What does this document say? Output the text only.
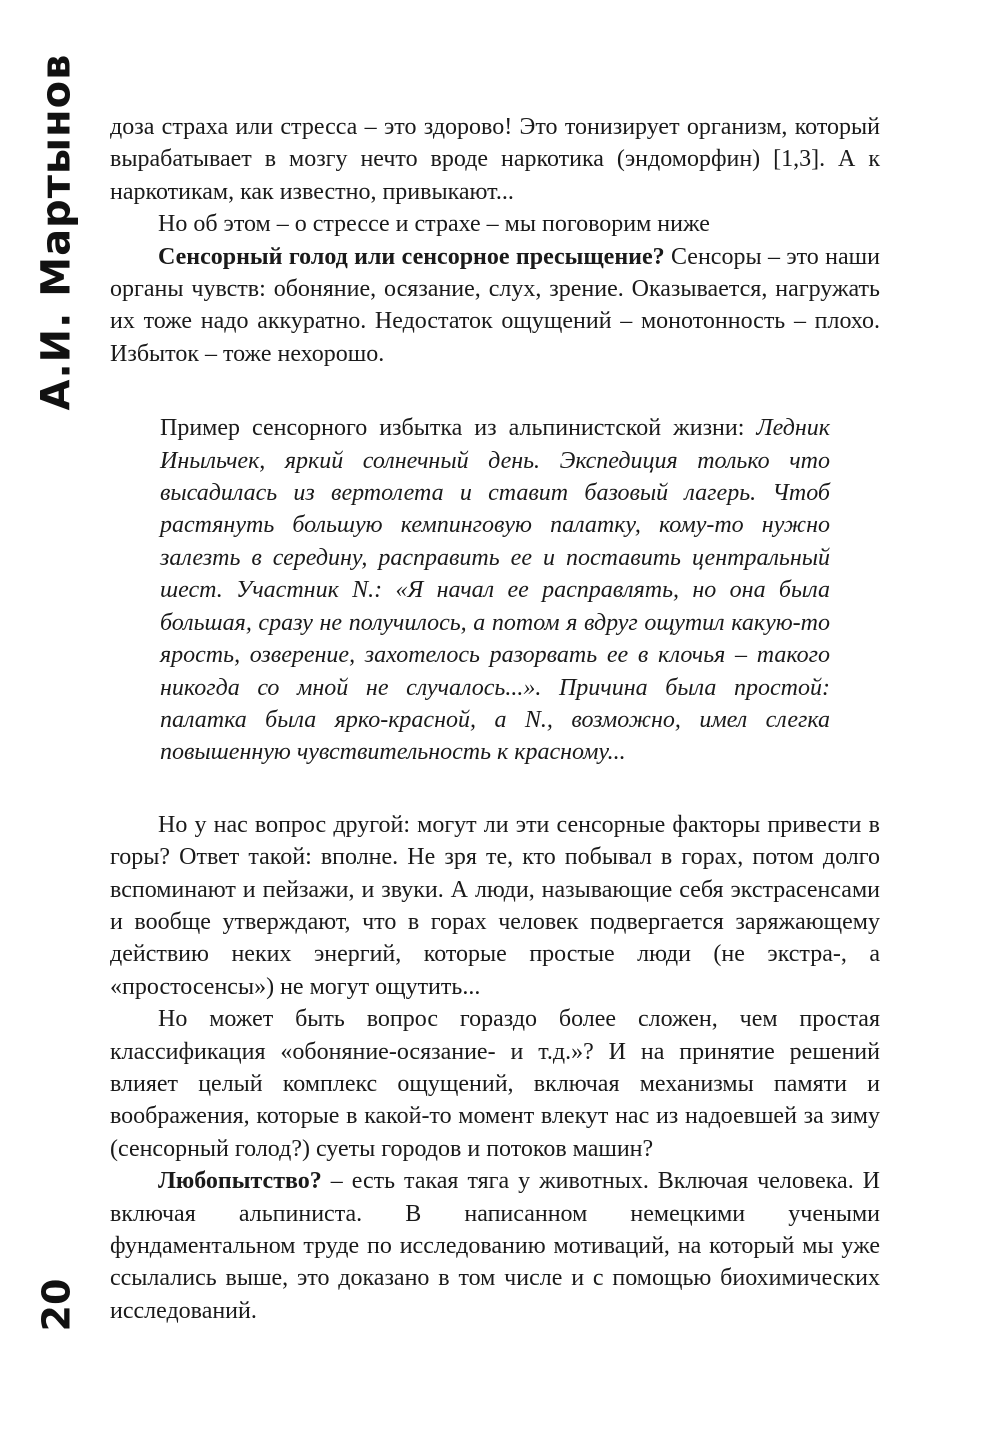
А.И. Мартынов
20

доза страха или стресса – это здорово! Это тонизирует организм, который вырабатывает в мозгу нечто вроде наркотика (эндоморфин) [1,3]. А к наркотикам, как известно, привыкают...

Но об этом – о стрессе и страхе – мы поговорим ниже

Сенсорный голод или сенсорное пресыщение? Сенсоры – это наши органы чувств: обоняние, осязание, слух, зрение. Оказывается, нагружать их тоже надо аккуратно. Недостаток ощущений – монотонность – плохо. Избыток – тоже нехорошо.

Пример сенсорного избытка из альпинистской жизни: Ледник Иныльчек, яркий солнечный день. Экспедиция только что высадилась из вертолета и ставит базовый лагерь. Чтоб растянуть большую кемпинговую палатку, кому-то нужно залезть в середину, расправить ее и поставить центральный шест. Участник N.: «Я начал ее расправлять, но она была большая, сразу не получилось, а потом я вдруг ощутил какую-то ярость, озверение, захотелось разорвать ее в клочья – такого никогда со мной не случалось...». Причина была простой: палатка была ярко-красной, а N., возможно, имел слегка повышенную чувствительность к красному...

Но у нас вопрос другой: могут ли эти сенсорные факторы привести в горы? Ответ такой: вполне. Не зря те, кто побывал в горах, потом долго вспоминают и пейзажи, и звуки. А люди, называющие себя экстрасенсами и вообще утверждают, что в горах человек подвергается заряжающему действию неких энергий, которые простые люди (не экстра-, а «простосенсы») не могут ощутить...

Но может быть вопрос гораздо более сложен, чем простая классификация «обоняние-осязание- и т.д.»? И на принятие решений влияет целый комплекс ощущений, включая механизмы памяти и воображения, которые в какой-то момент влекут нас из надоевшей за зиму (сенсорный голод?) суеты городов и потоков машин?

Любопытство? – есть такая тяга у животных. Включая человека. И включая альпиниста. В написанном немецкими учеными фундаментальном труде по исследованию мотиваций, на который мы уже ссылались выше, это доказано в том числе и с помощью биохимических исследований.
